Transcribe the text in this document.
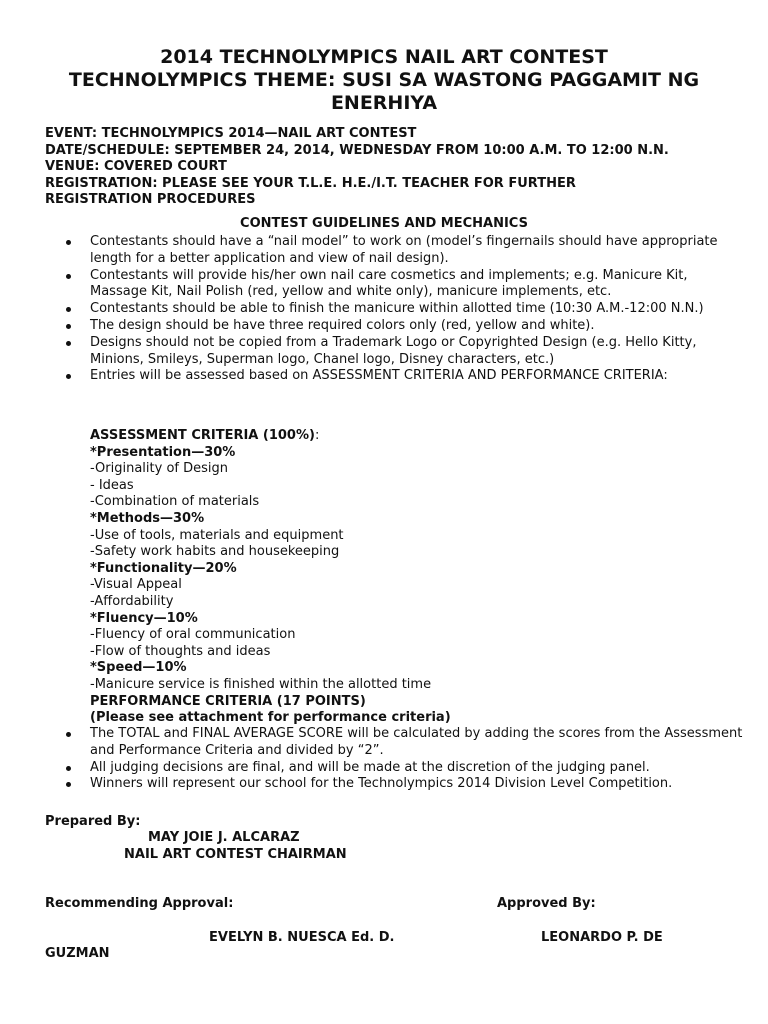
2014 TECHNOLYMPICS NAIL ART CONTEST
TECHNOLYMPICS THEME: SUSI SA WASTONG PAGGAMIT NG
ENERHIYA
EVENT: TECHNOLYMPICS 2014—NAIL ART CONTEST
DATE/SCHEDULE: SEPTEMBER 24, 2014, WEDNESDAY FROM 10:00 A.M. TO 12:00 N.N.
VENUE: COVERED COURT
REGISTRATION: PLEASE SEE YOUR T.L.E. H.E./I.T. TEACHER FOR FURTHER
REGISTRATION PROCEDURES
CONTEST GUIDELINES AND MECHANICS
Contestants should have a “nail model” to work on (model’s fingernails should have appropriate length for a better application and view of nail design).
Contestants will provide his/her own nail care cosmetics and implements; e.g. Manicure Kit, Massage Kit, Nail Polish (red, yellow and white only), manicure implements, etc.
Contestants should be able to finish the manicure within allotted time (10:30 A.M.-12:00 N.N.)
The design should be have three required colors only (red, yellow and white).
Designs should not be copied from a Trademark Logo or Copyrighted Design (e.g. Hello Kitty, Minions, Smileys, Superman logo, Chanel logo, Disney characters, etc.)
Entries will be assessed based on ASSESSMENT CRITERIA AND PERFORMANCE CRITERIA:
ASSESSMENT CRITERIA (100%):
*Presentation—30%
-Originality of Design
- Ideas
-Combination of materials
*Methods—30%
-Use of tools, materials and equipment
-Safety work habits and housekeeping
*Functionality—20%
-Visual Appeal
-Affordability
*Fluency—10%
-Fluency of oral communication
-Flow of thoughts and ideas
*Speed—10%
-Manicure service is finished within the allotted time
PERFORMANCE CRITERIA (17 POINTS)
(Please see attachment for performance criteria)
The TOTAL and FINAL AVERAGE SCORE will be calculated by adding the scores from the Assessment and Performance Criteria and divided by “2”.
All judging decisions are final, and will be made at the discretion of the judging panel.
Winners will represent our school for the Technolympics 2014 Division Level Competition.
Prepared By:
MAY JOIE J. ALCARAZ
NAIL ART CONTEST CHAIRMAN
Recommending Approval:	Approved By:
EVELYN B. NUESCA Ed. D.	LEONARDO P. DE
GUZMAN
